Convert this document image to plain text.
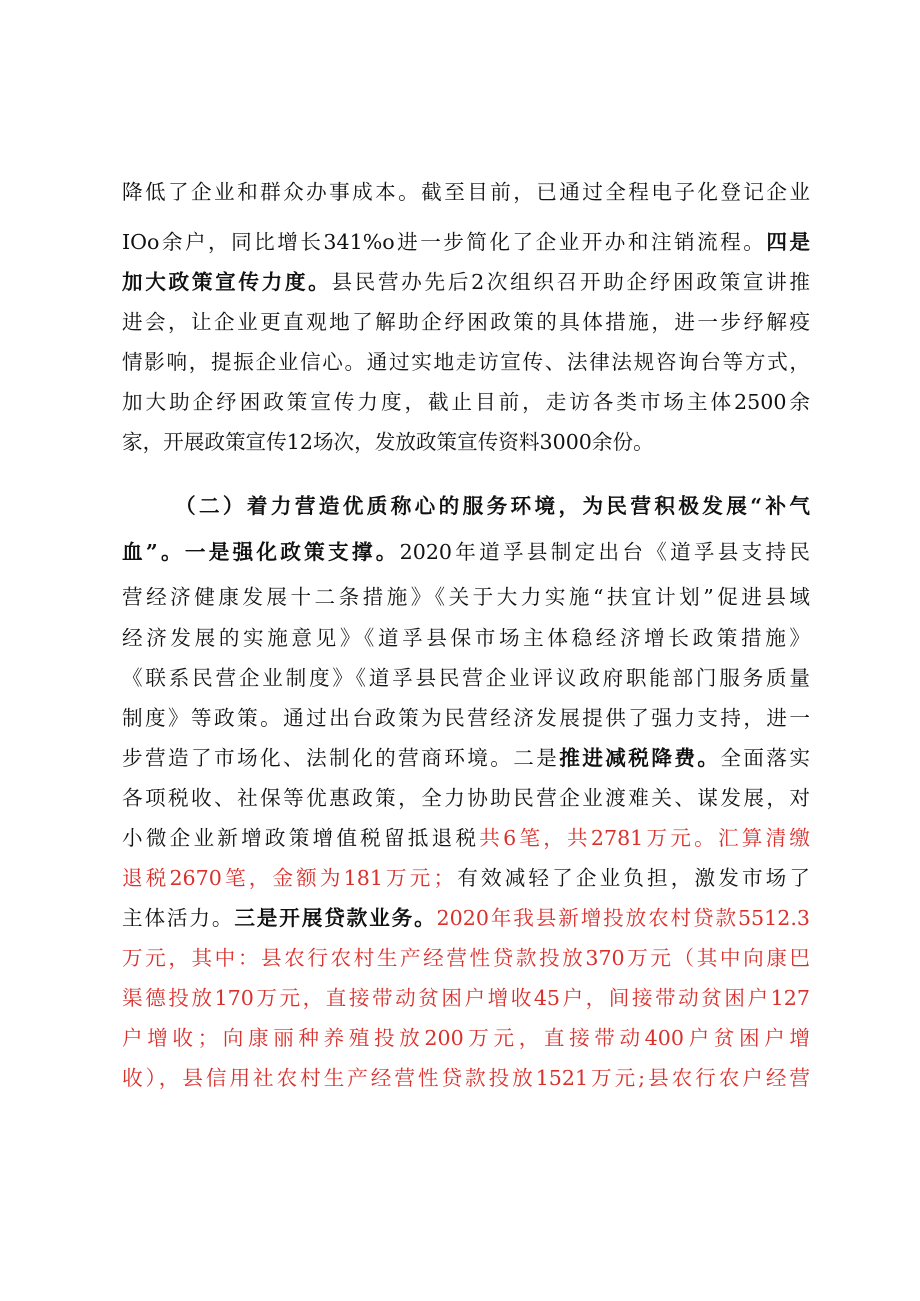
降低了企业和群众办事成本。截至目前，已通过全程电子化登记企业
IOo余户，同比增长341%o进一步简化了企业开办和注销流程。四是
加大政策宣传力度。县民营办先后2次组织召开助企纾困政策宣讲推
进会，让企业更直观地了解助企纾困政策的具体措施，进一步纾解疫
情影响，提振企业信心。通过实地走访宣传、法律法规咨询台等方式，
加大助企纾困政策宣传力度，截止目前，走访各类市场主体2500余
家，开展政策宣传12场次，发放政策宣传资料3000余份。
（二）着力营造优质称心的服务环境，为民营积极发展“补气
血”。一是强化政策支撑。2020年道孚县制定出台《道孚县支持民
营经济健康发展十二条措施》《关于大力实施“扶宜计划”促进县域
经济发展的实施意见》《道孚县保市场主体稳经济增长政策措施》
《联系民营企业制度》《道孚县民营企业评议政府职能部门服务质量
制度》等政策。通过出台政策为民营经济发展提供了强力支持，进一
步营造了市场化、法制化的营商环境。二是推进减税降费。全面落实
各项税收、社保等优惠政策，全力协助民营企业渡难关、谋发展，对
小微企业新增政策增值税留抵退税共6笔，共2781万元。汇算清缴
退税2670笔，金额为181万元；有效减轻了企业负担，激发市场了
主体活力。三是开展贷款业务。2020年我县新增投放农村贷款5512.3
万元，其中：县农行农村生产经营性贷款投放370万元（其中向康巴
渠德投放170万元，直接带动贫困户增收45户，间接带动贫困户127
户增收；向康丽种养殖投放200万元，直接带动400户贫困户增
收），县信用社农村生产经营性贷款投放1521万元;县农行农户经营
